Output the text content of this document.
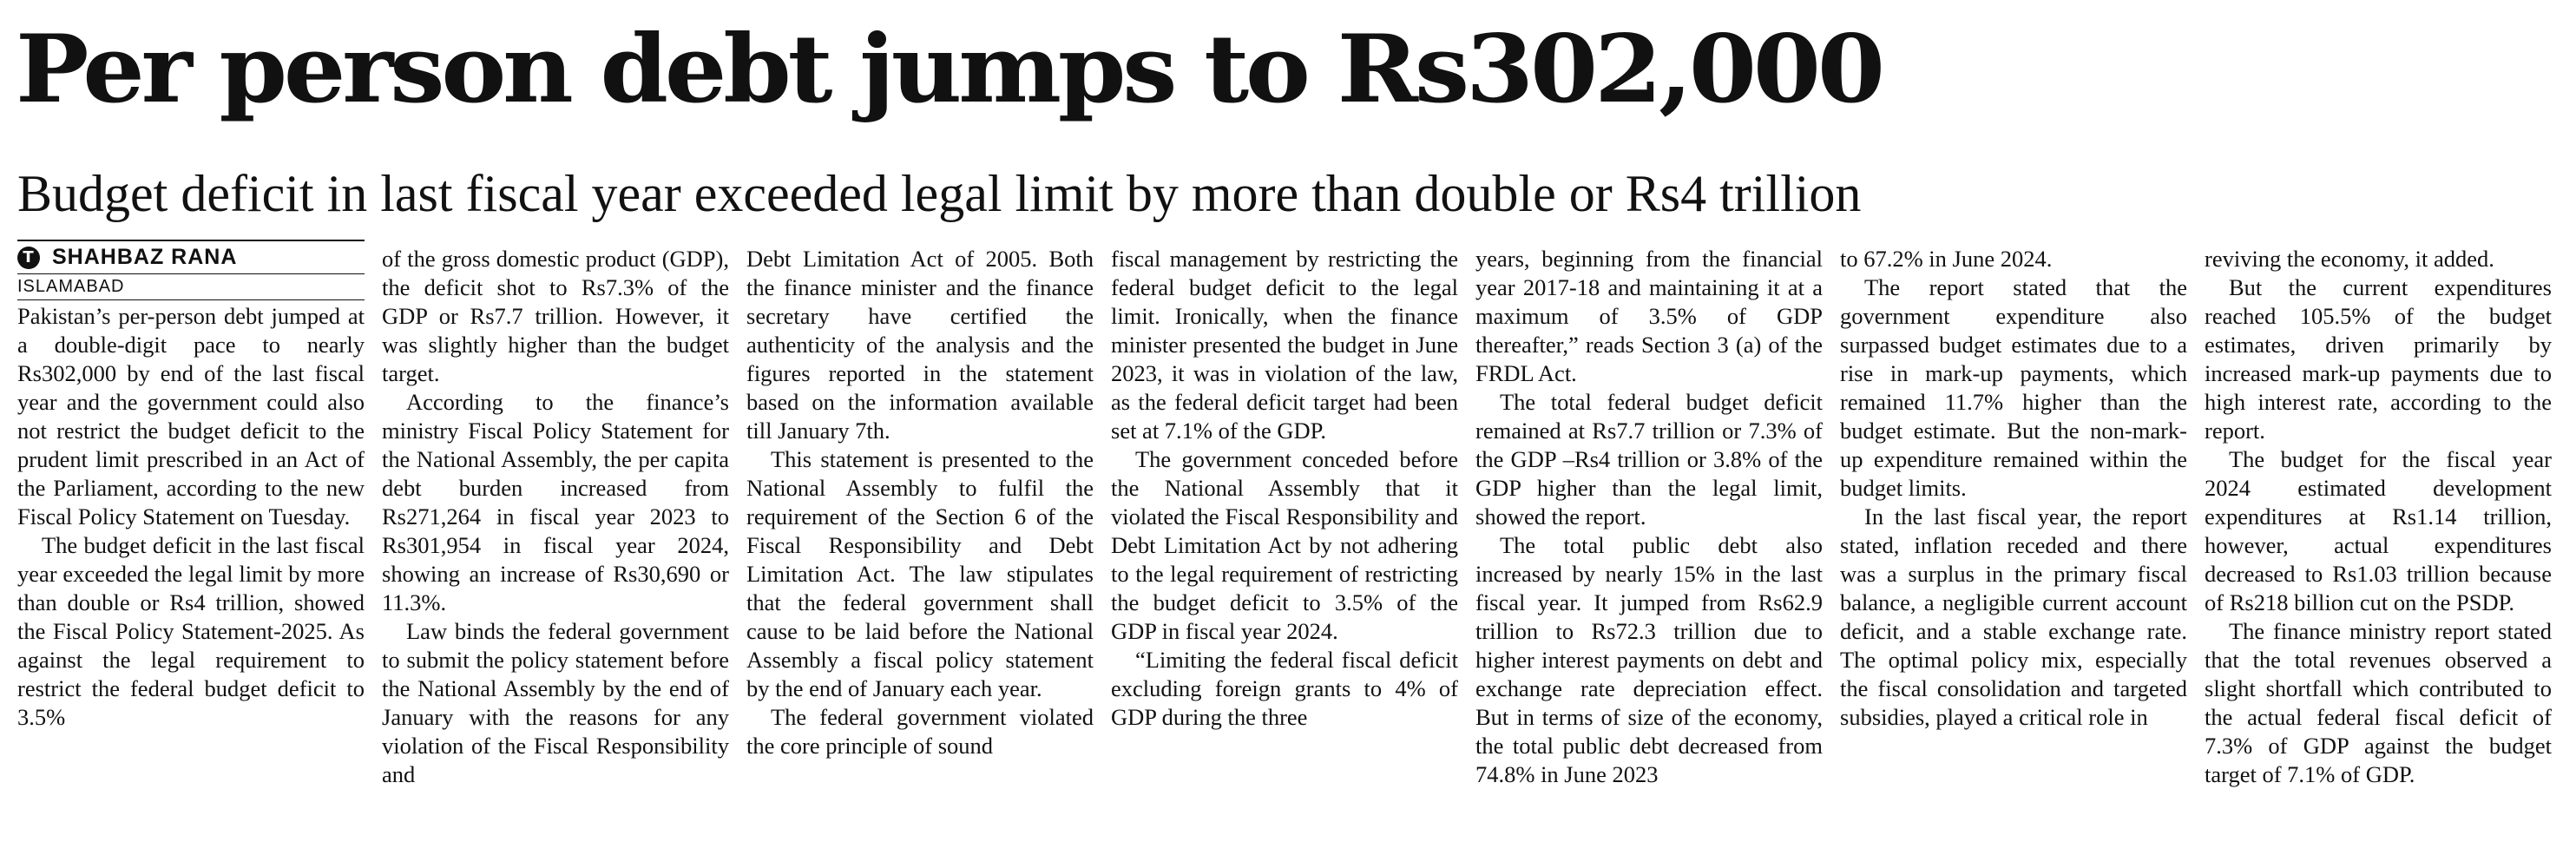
Per person debt jumps to Rs302,000
Budget deficit in last fiscal year exceeded legal limit by more than double or Rs4 trillion
T SHAHBAZ RANA
ISLAMABAD

Pakistan’s per-person debt jumped at a double-digit pace to nearly Rs302,000 by end of the last fiscal year and the government could also not restrict the budget deficit to the prudent limit prescribed in an Act of the Parliament, according to the new Fiscal Policy Statement on Tuesday.

The budget deficit in the last fiscal year exceeded the legal limit by more than double or Rs4 trillion, showed the Fiscal Policy Statement-2025. As against the legal requirement to restrict the federal budget deficit to 3.5%

of the gross domestic product (GDP), the deficit shot to Rs7.3% of the GDP or Rs7.7 trillion. However, it was slightly higher than the budget target.

According to the finance’s ministry Fiscal Policy Statement for the National Assembly, the per capita debt burden increased from Rs271,264 in fiscal year 2023 to Rs301,954 in fiscal year 2024, showing an increase of Rs30,690 or 11.3%.

Law binds the federal government to submit the policy statement before the National Assembly by the end of January with the reasons for any violation of the Fiscal Responsibility and

Debt Limitation Act of 2005. Both the finance minister and the finance secretary have certified the authenticity of the analysis and the figures reported in the statement based on the information available till January 7th.

This statement is presented to the National Assembly to fulfil the requirement of the Section 6 of the Fiscal Responsibility and Debt Limitation Act. The law stipulates that the federal government shall cause to be laid before the National Assembly a fiscal policy statement by the end of January each year.

The federal government violated the core principle of sound

fiscal management by restricting the federal budget deficit to the legal limit. Ironically, when the finance minister presented the budget in June 2023, it was in violation of the law, as the federal deficit target had been set at 7.1% of the GDP.

The government conceded before the National Assembly that it violated the Fiscal Responsibility and Debt Limitation Act by not adhering to the legal requirement of restricting the budget deficit to 3.5% of the GDP in fiscal year 2024.

“Limiting the federal fiscal deficit excluding foreign grants to 4% of GDP during the three

years, beginning from the financial year 2017-18 and maintaining it at a maximum of 3.5% of GDP thereafter,” reads Section 3 (a) of the FRDL Act.

The total federal budget deficit remained at Rs7.7 trillion or 7.3% of the GDP –Rs4 trillion or 3.8% of the GDP higher than the legal limit, showed the report.

The total public debt also increased by nearly 15% in the last fiscal year. It jumped from Rs62.9 trillion to Rs72.3 trillion due to higher interest payments on debt and exchange rate depreciation effect. But in terms of size of the economy, the total public debt decreased from 74.8% in June 2023

to 67.2% in June 2024.

The report stated that the government expenditure also surpassed budget estimates due to a rise in mark-up payments, which remained 11.7% higher than the budget estimate. But the non-mark-up expenditure remained within the budget limits.

In the last fiscal year, the report stated, inflation receded and there was a surplus in the primary fiscal balance, a negligible current account deficit, and a stable exchange rate. The optimal policy mix, especially the fiscal consolidation and targeted subsidies, played a critical role in

reviving the economy, it added.

But the current expenditures reached 105.5% of the budget estimates, driven primarily by increased mark-up payments due to high interest rate, according to the report.

The budget for the fiscal year 2024 estimated development expenditures at Rs1.14 trillion, however, actual expenditures decreased to Rs1.03 trillion because of Rs218 billion cut on the PSDP.

The finance ministry report stated that the total revenues observed a slight shortfall which contributed to the actual federal fiscal deficit of 7.3% of GDP against the budget target of 7.1% of GDP.
